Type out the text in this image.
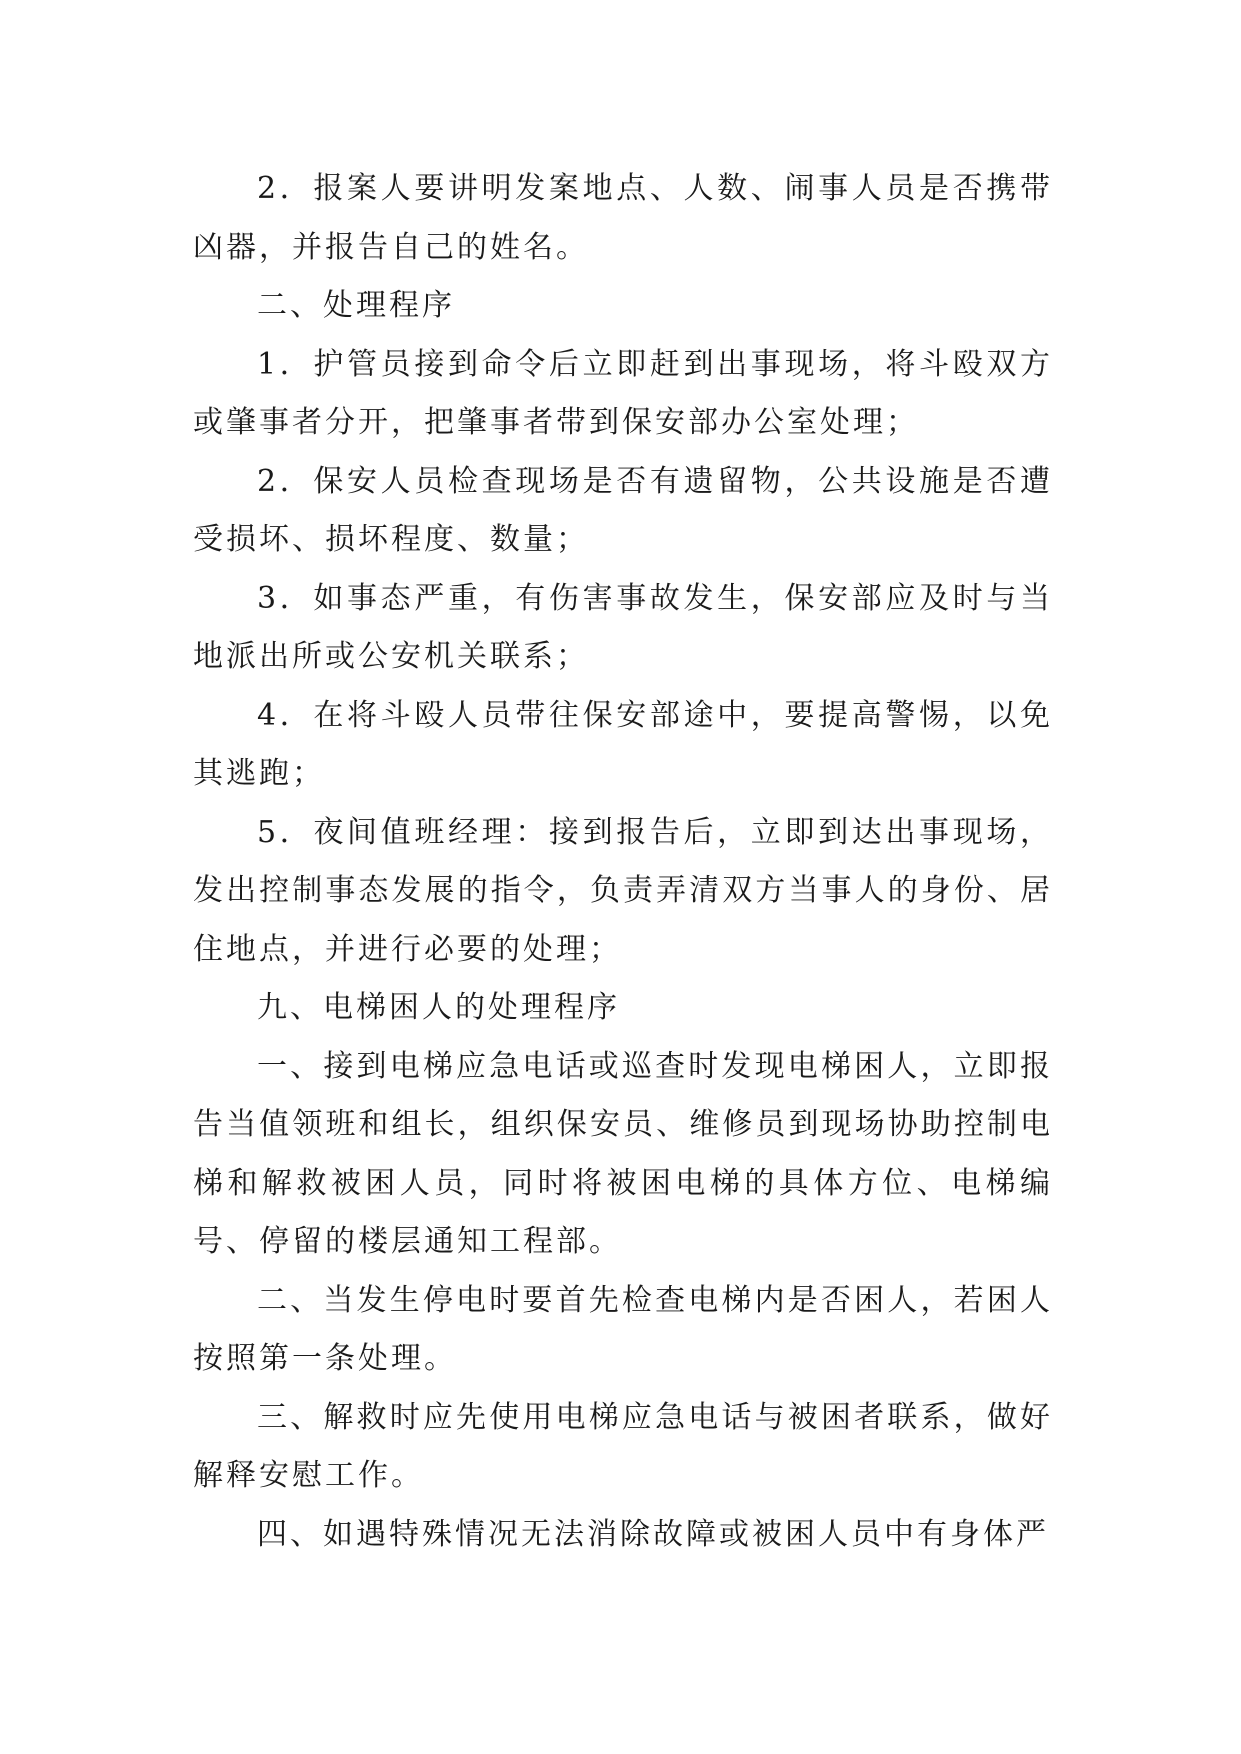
2．报案人要讲明发案地点、人数、闹事人员是否携带凶器，并报告自己的姓名。

二、处理程序

1．护管员接到命令后立即赶到出事现场，将斗殴双方或肇事者分开，把肇事者带到保安部办公室处理；

2．保安人员检查现场是否有遗留物，公共设施是否遭受损坏、损坏程度、数量；

3．如事态严重，有伤害事故发生，保安部应及时与当地派出所或公安机关联系；

4．在将斗殴人员带往保安部途中，要提高警惕，以免其逃跑；

5．夜间值班经理：接到报告后，立即到达出事现场，发出控制事态发展的指令，负责弄清双方当事人的身份、居住地点，并进行必要的处理；

九、电梯困人的处理程序

一、接到电梯应急电话或巡查时发现电梯困人，立即报告当值领班和组长，组织保安员、维修员到现场协助控制电梯和解救被困人员，同时将被困电梯的具体方位、电梯编号、停留的楼层通知工程部。

二、当发生停电时要首先检查电梯内是否困人，若困人按照第一条处理。

三、解救时应先使用电梯应急电话与被困者联系，做好解释安慰工作。

四、如遇特殊情况无法消除故障或被困人员中有身体严
